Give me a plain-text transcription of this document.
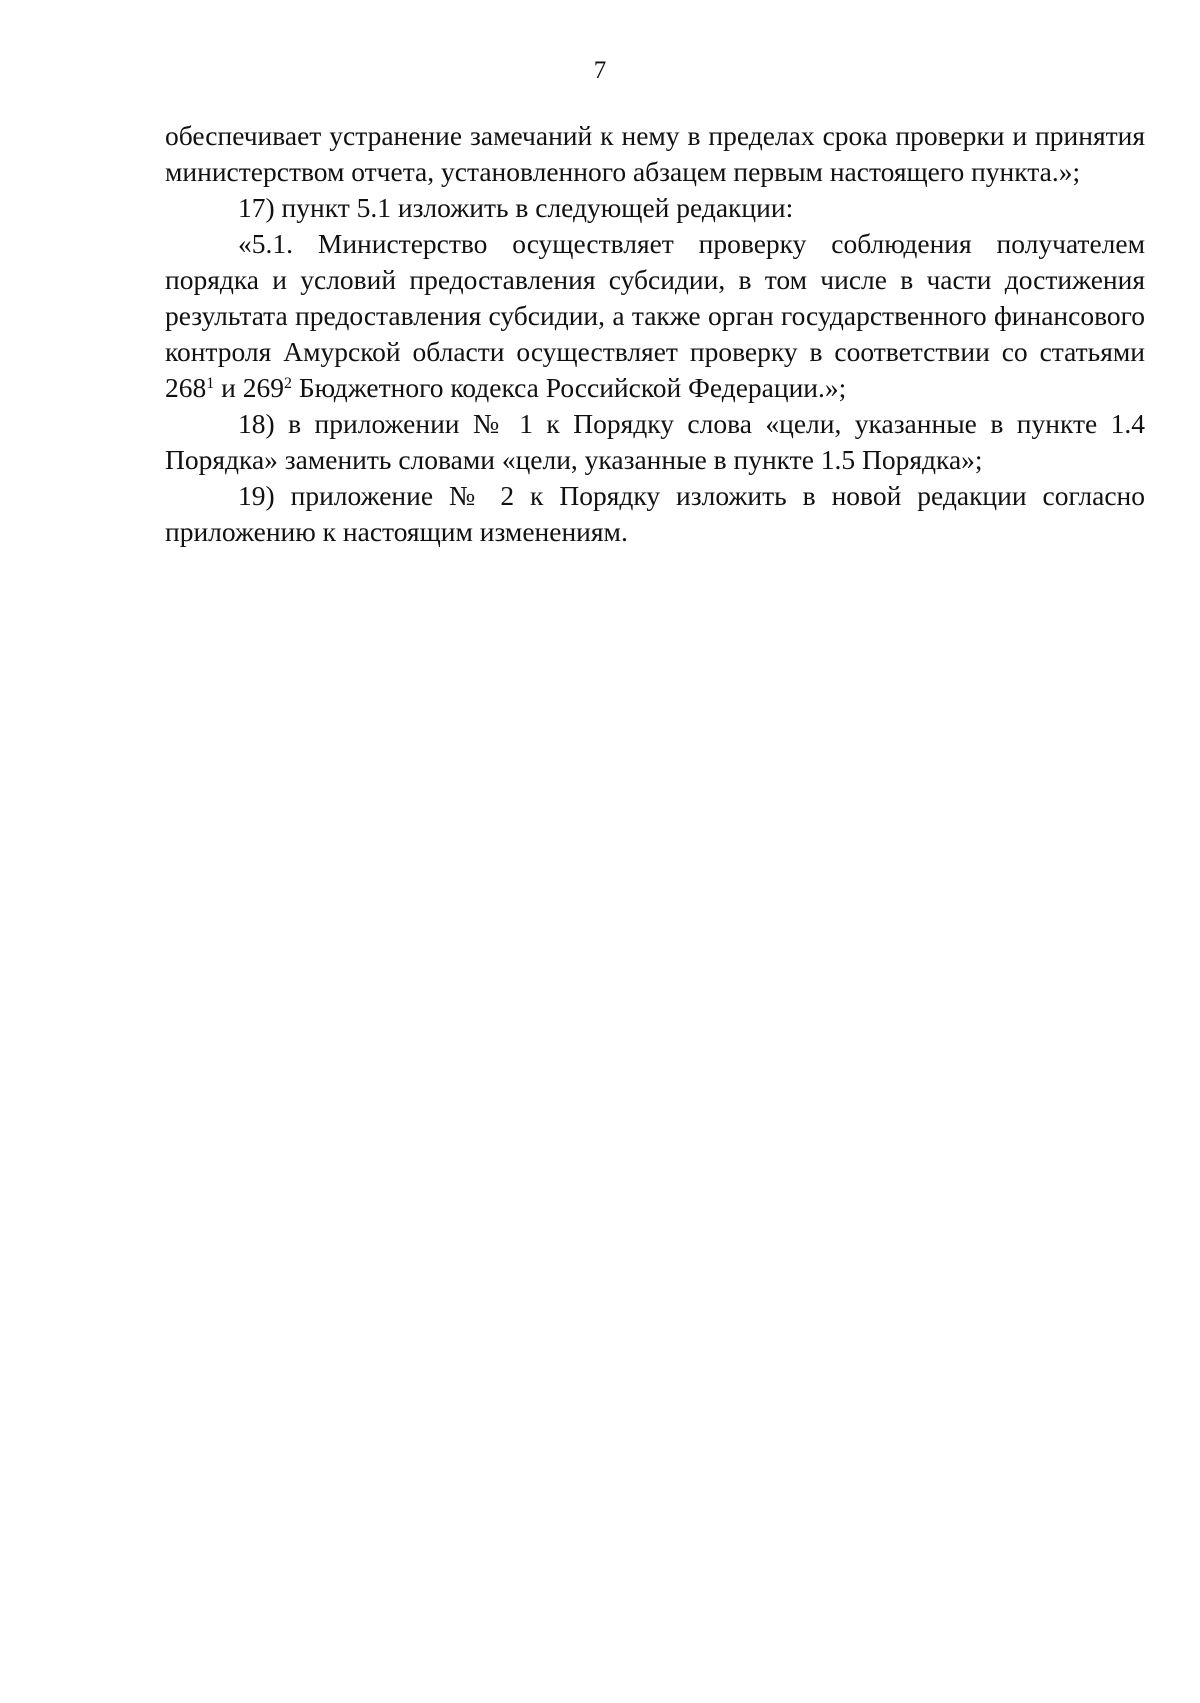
7

обеспечивает устранение замечаний к нему в пределах срока проверки и принятия министерством отчета, установленного абзацем первым настоящего пункта.»;

17) пункт 5.1 изложить в следующей редакции:

«5.1. Министерство осуществляет проверку соблюдения получателем порядка и условий предоставления субсидии, в том числе в части достижения результата предоставления субсидии, а также орган государственного финансового контроля Амурской области осуществляет проверку в соответствии со статьями $268^1$ и $269^2$ Бюджетного кодекса Российской Федерации.»;

18) в приложении № 1 к Порядку слова «цели, указанные в пункте 1.4 Порядка» заменить словами «цели, указанные в пункте 1.5 Порядка»;

19) приложение № 2 к Порядку изложить в новой редакции согласно приложению к настоящим изменениям.
